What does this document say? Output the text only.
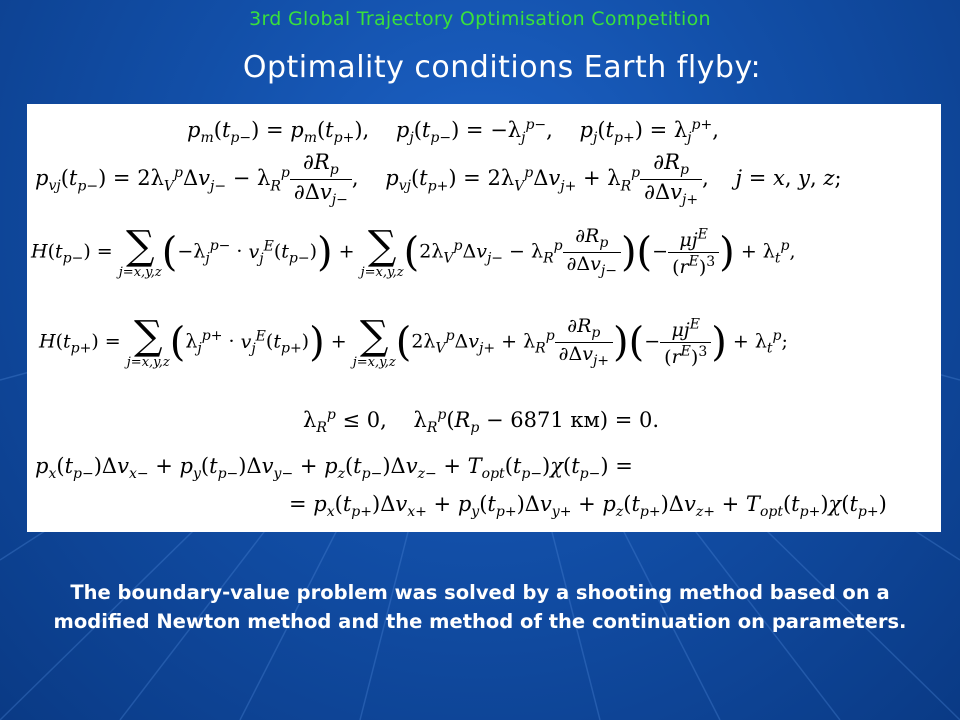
3rd Global Trajectory Optimisation Competition
Optimality conditions Earth flyby:
$p_m(t_{p-}) = p_m(t_{p+})$,    $p_j(t_{p-}) = -\lambda_j^{p-}$,    $p_j(t_{p+}) = \lambda_j^{p+}$,
$p_{vj}(t_{p-}) = 2\lambda_V^p\Delta v_{j-} - \lambda_R^p \frac{\partial R_p}{\partial\Delta v_{j-}}$ ,    $p_{vj}(t_{p+}) = 2\lambda_V^p\Delta v_{j+} + \lambda_R^p \frac{\partial R_p}{\partial\Delta v_{j+}}$ ,    j = x, y, z;
$H(t_{p-})$ = ∑
j=x,y,z $(-\lambda_j^{p-} \cdot v_j^E(t_{p-}))$ + ∑
j=x,y,z ($2\lambda_V^p\Delta v_{j-} - \lambda_R^p \frac{\partial R_p}{\partial\Delta v_{j-}}$ )(− $\frac{\mu j^E}{(r^E)^3}$ ) + $\lambda_t^p$,
$H(t_{p+})$ = ∑
j=x,y,z $(\lambda_j^{p+} \cdot v_j^E(t_{p+}))$ + ∑
j=x,y,z ($2\lambda_V^p\Delta v_{j+} + \lambda_R^p \frac{\partial R_p}{\partial\Delta v_{j+}}$ )(− $\frac{\mu j^E}{(r^E)^3}$ ) + $\lambda_t^p$;
$\lambda_R^p \le 0$,    $\lambda_R^p(R_p - 6871$ км) = 0.
$p_x(t_{p-})\Delta v_{x-} + p_y(t_{p-})\Delta v_{y-} + p_z(t_{p-})\Delta v_{z-} + T_{opt}(t_{p-})\chi(t_{p-})$ =
= $p_x(t_{p+})\Delta v_{x+} + p_y(t_{p+})\Delta v_{y+} + p_z(t_{p+})\Delta v_{z+} + T_{opt}(t_{p+})\chi(t_{p+})$
The boundary-value problem was solved by a shooting method based on a modified Newton method and the method of the continuation on parameters.
